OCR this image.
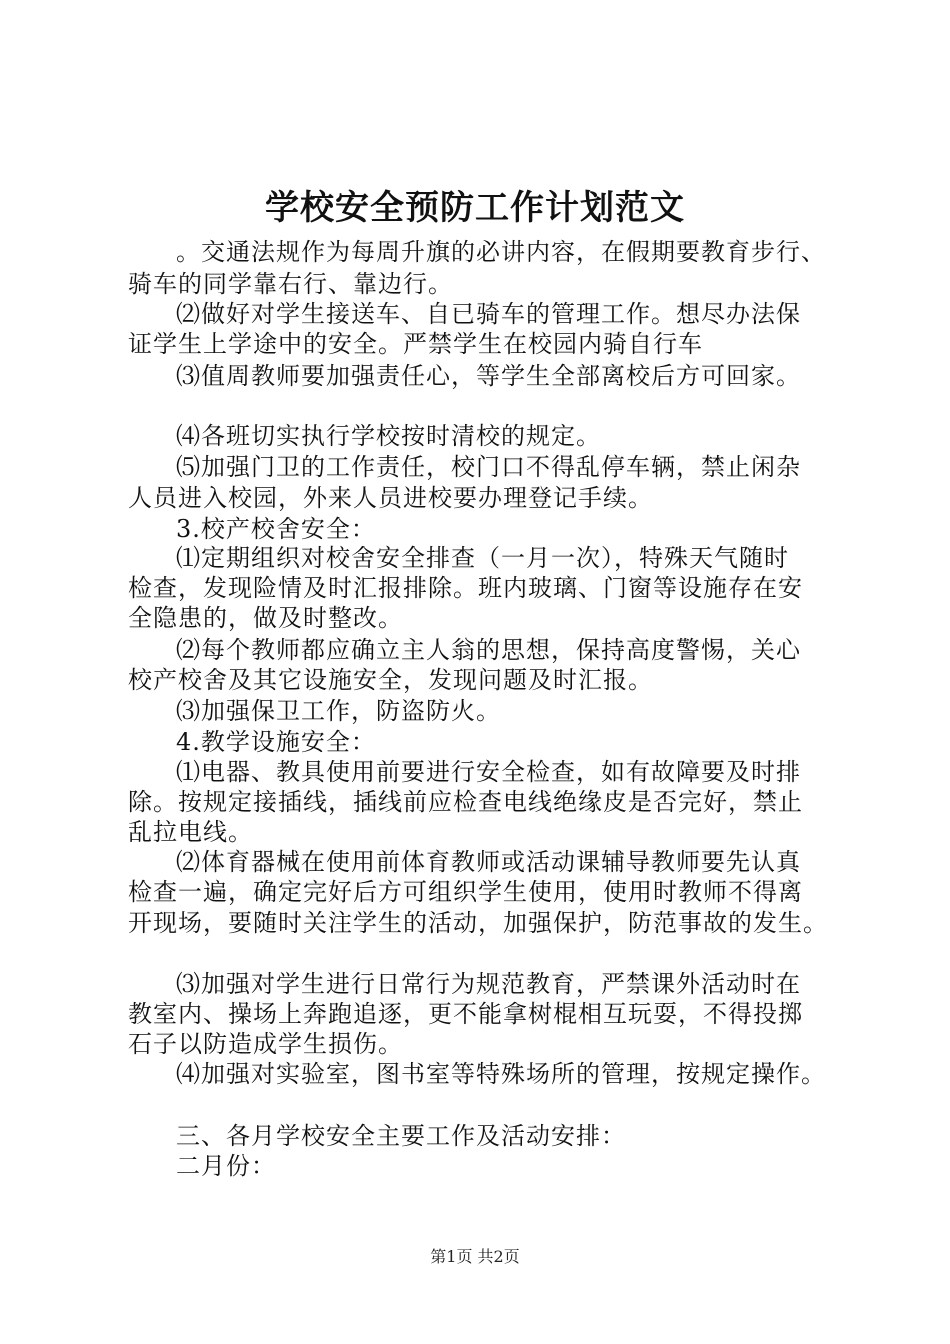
学校安全预防工作计划范文
。交通法规作为每周升旗的必讲内容，在假期要教育步行、
骑车的同学靠右行、靠边行。
⑵做好对学生接送车、自已骑车的管理工作。想尽办法保
证学生上学途中的安全。严禁学生在校园内骑自行车
⑶值周教师要加强责任心，等学生全部离校后方可回家。
⑷各班切实执行学校按时清校的规定。
⑸加强门卫的工作责任，校门口不得乱停车辆，禁止闲杂
人员进入校园，外来人员进校要办理登记手续。
3.校产校舍安全：
⑴定期组织对校舍安全排查（一月一次），特殊天气随时
检查，发现险情及时汇报排除。班内玻璃、门窗等设施存在安
全隐患的，做及时整改。
⑵每个教师都应确立主人翁的思想，保持高度警惕，关心
校产校舍及其它设施安全，发现问题及时汇报。
⑶加强保卫工作，防盗防火。
4.教学设施安全：
⑴电器、教具使用前要进行安全检查，如有故障要及时排
除。按规定接插线，插线前应检查电线绝缘皮是否完好，禁止
乱拉电线。
⑵体育器械在使用前体育教师或活动课辅导教师要先认真
检查一遍，确定完好后方可组织学生使用，使用时教师不得离
开现场，要随时关注学生的活动，加强保护，防范事故的发生。
⑶加强对学生进行日常行为规范教育，严禁课外活动时在
教室内、操场上奔跑追逐，更不能拿树棍相互玩耍，不得投掷
石子以防造成学生损伤。
⑷加强对实验室，图书室等特殊场所的管理，按规定操作。
三、各月学校安全主要工作及活动安排：
二月份：
第1页 共2页
